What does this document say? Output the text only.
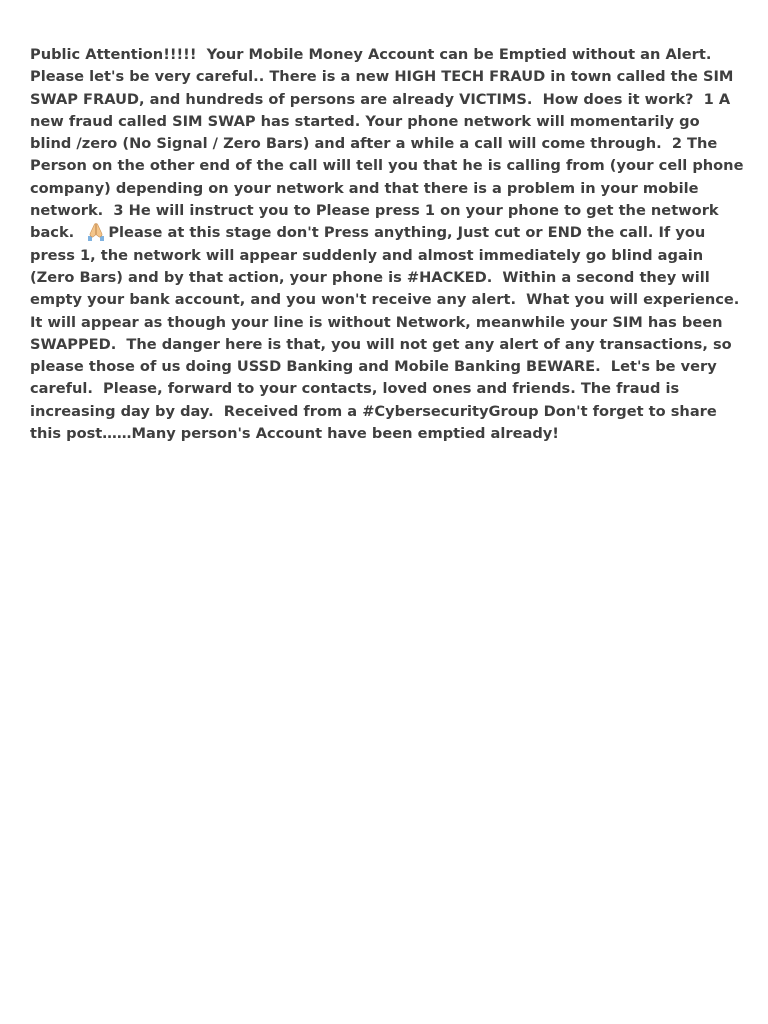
Public Attention!!!!!  Your Mobile Money Account can be Emptied without an Alert.    Please let's be very careful.. There is a new HIGH TECH FRAUD in town called the SIM SWAP FRAUD, and hundreds of persons are already VICTIMS.  How does it work?  1 A new fraud called SIM SWAP has started. Your phone network will momentarily go blind /zero (No Signal / Zero Bars) and after a while a call will come through.  2 The Person on the other end of the call will tell you that he is calling from (your cell phone company) depending on your network and that there is a problem in your mobile network.  3 He will instruct you to Please press 1 on your phone to get the network back.
Please at this stage don't Press anything, Just cut or END the call. If you press 1, the network will appear suddenly and almost immediately go blind again (Zero Bars) and by that action, your phone is #HACKED.  Within a second they will empty your bank account, and you won't receive any alert.  What you will experience. It will appear as though your line is without Network, meanwhile your SIM has been SWAPPED.  The danger here is that, you will not get any alert of any transactions, so please those of us doing USSD Banking and Mobile Banking BEWARE.  Let's be very careful.  Please, forward to your contacts, loved ones and friends. The fraud is increasing day by day.  Received from a #CybersecurityGroup Don't forget to share this post……Many person's Account have been emptied already!
